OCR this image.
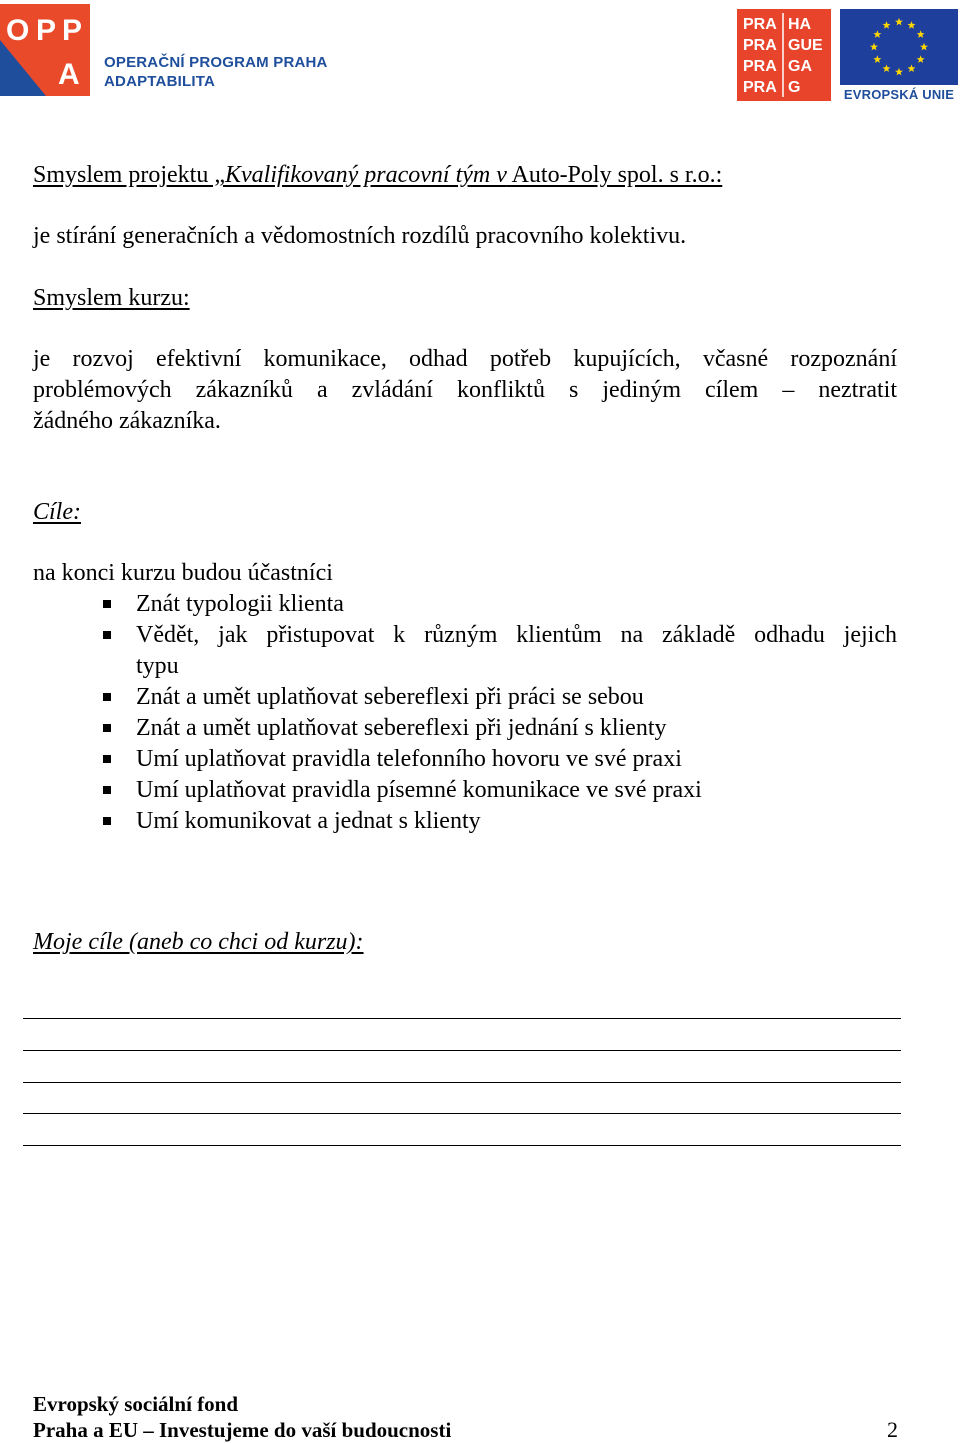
O P P
A OPERAČNÍ PROGRAM PRAHA
ADAPTABILITA
PRA HA
PRA GUE
PRA GA
PRA G	EVROPSKÁ UNIE
Smyslem projektu „Kvalifikovaný pracovní tým v Auto-Poly spol. s r.o.:
je stírání generačních a vědomostních rozdílů pracovního kolektivu.
Smyslem kurzu:
je rozvoj efektivní komunikace, odhad potřeb kupujících, včasné rozpoznání
problémových zákazníků a zvládání konfliktů s jediným cílem – neztratit
žádného zákazníka.
Cíle:
na konci kurzu budou účastníci
Znát typologii klienta
Vědět, jak přistupovat k různým klientům na základě odhadu jejich
typu
Znát a umět uplatňovat sebereflexi při práci se sebou
Znát a umět uplatňovat sebereflexi při jednání s klienty
Umí uplatňovat pravidla telefonního hovoru ve své praxi
Umí uplatňovat pravidla písemné komunikace ve své praxi
Umí komunikovat a jednat s klienty
Moje cíle (aneb co chci od kurzu):
Evropský sociální fond
Praha a EU – Investujeme do vaší budoucnosti	2
